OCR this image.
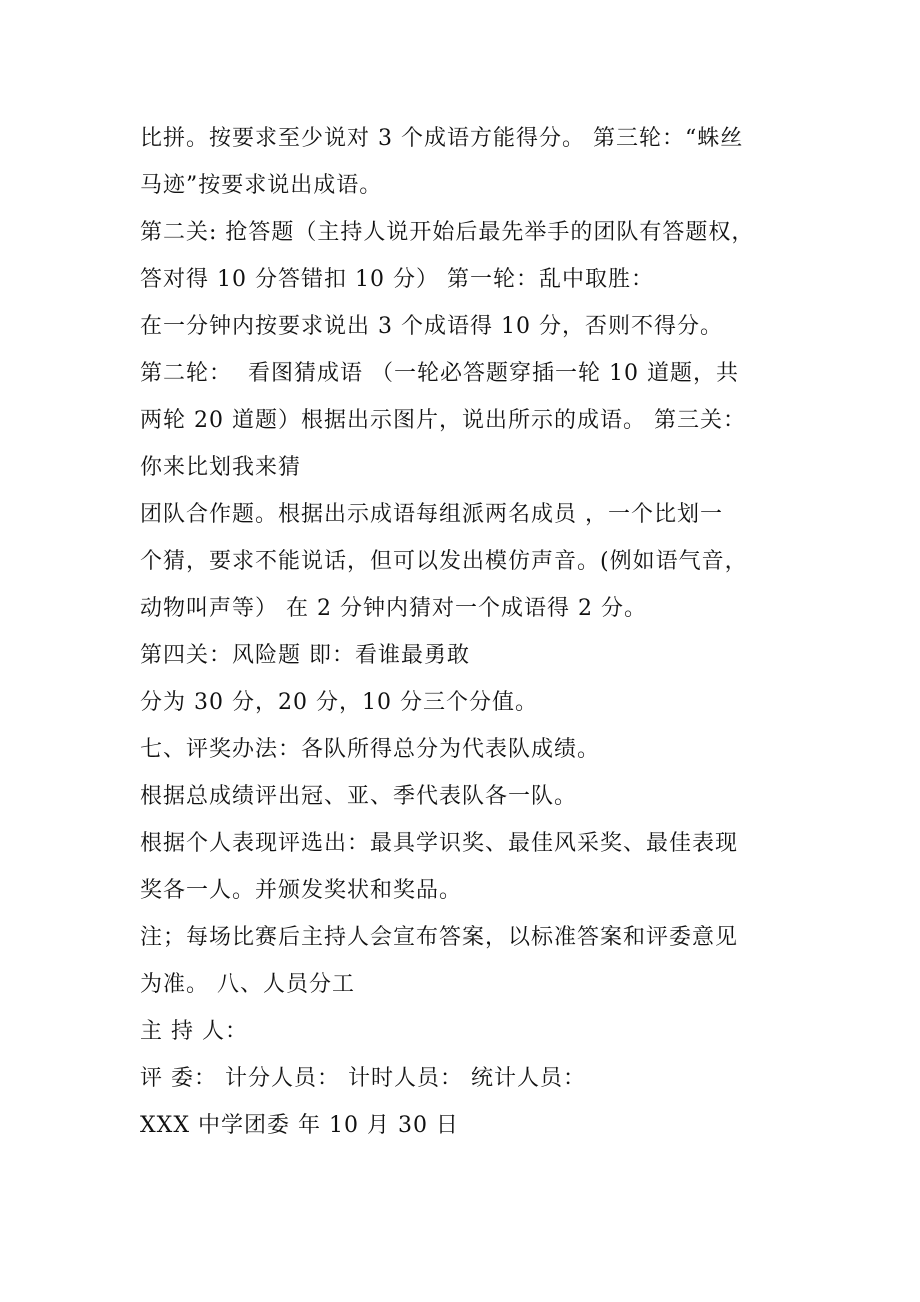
比拼。按要求至少说对 3 个成语方能得分。 第三轮：“蛛丝
马迹”按要求说出成语。
第二关: 抢答题（主持人说开始后最先举手的团队有答题权，
答对得 10 分答错扣 10 分） 第一轮：乱中取胜：
在一分钟内按要求说出 3 个成语得 10 分，否则不得分。
第二轮：  看图猜成语 （一轮必答题穿插一轮 10 道题，共
两轮 20 道题）根据出示图片，说出所示的成语。 第三关：
你来比划我来猜
团队合作题。根据出示成语每组派两名成员 ，一个比划一
个猜，要求不能说话，但可以发出模仿声音。(例如语气音，
动物叫声等） 在 2 分钟内猜对一个成语得 2 分。
第四关：风险题 即：看谁最勇敢
分为 30 分，20 分，10 分三个分值。
七、评奖办法：各队所得总分为代表队成绩。
根据总成绩评出冠、亚、季代表队各一队。
根据个人表现评选出：最具学识奖、最佳风采奖、最佳表现
奖各一人。并颁发奖状和奖品。
注；每场比赛后主持人会宣布答案，以标准答案和评委意见
为准。 八、人员分工
主 持 人：
评 委： 计分人员： 计时人员： 统计人员：
XXX 中学团委 年 10 月 30 日
